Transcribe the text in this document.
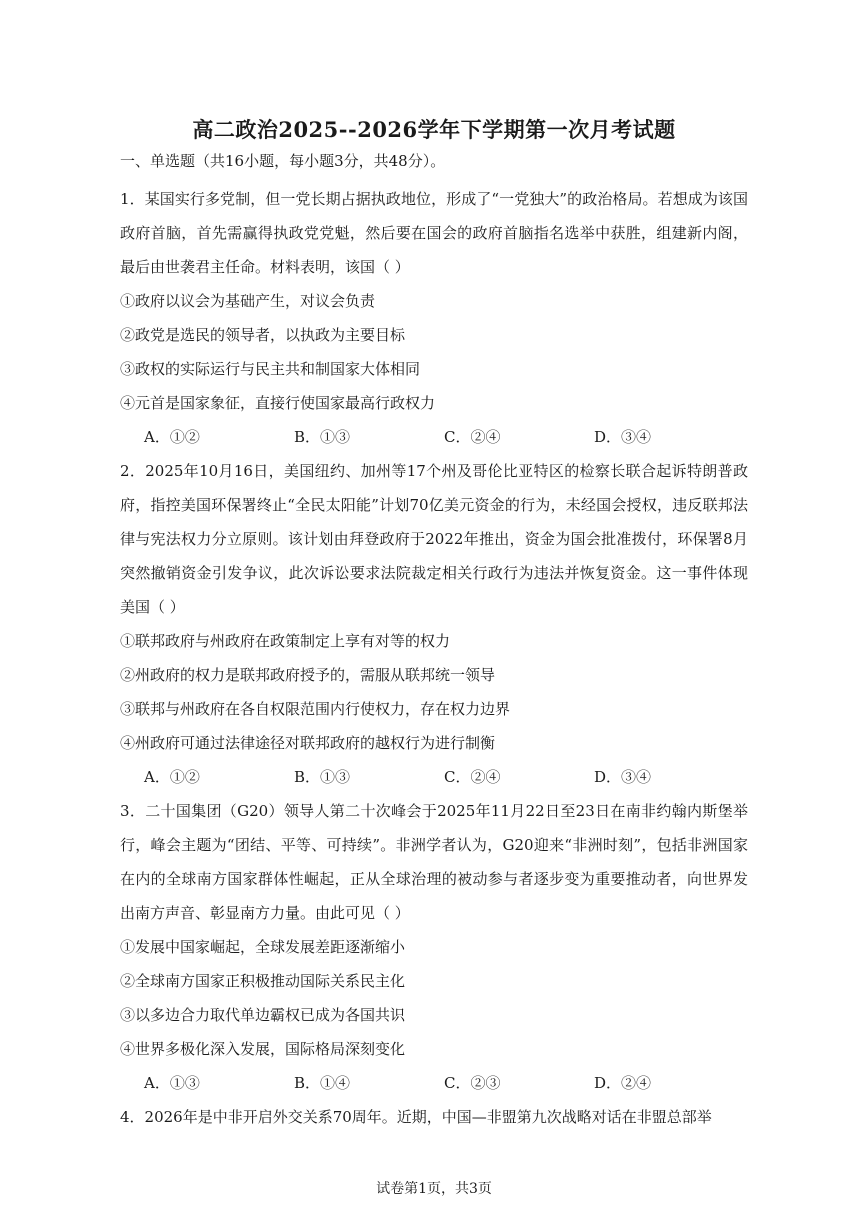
高二政治2025--2026学年下学期第一次月考试题
一、单选题（共16小题，每小题3分，共48分）。

1．某国实行多党制，但一党长期占据执政地位，形成了“一党独大”的政治格局。若想成为该国政府首脑，首先需赢得执政党党魁，然后要在国会的政府首脑指名选举中获胜，组建新内阁，最后由世袭君主任命。材料表明，该国（ ）

①政府以议会为基础产生，对议会负责
②政党是选民的领导者，以执政为主要目标
③政权的实际运行与民主共和制国家大体相同
④元首是国家象征，直接行使国家最高行政权力
A．①②	B．①③	C．②④	D．③④

2．2025年10月16日，美国纽约、加州等17个州及哥伦比亚特区的检察长联合起诉特朗普政府，指控美国环保署终止“全民太阳能”计划70亿美元资金的行为，未经国会授权，违反联邦法律与宪法权力分立原则。该计划由拜登政府于2022年推出，资金为国会批准拨付，环保署8月突然撤销资金引发争议，此次诉讼要求法院裁定相关行政行为违法并恢复资金。这一事件体现美国（ ）

①联邦政府与州政府在政策制定上享有对等的权力
②州政府的权力是联邦政府授予的，需服从联邦统一领导
③联邦与州政府在各自权限范围内行使权力，存在权力边界
④州政府可通过法律途径对联邦政府的越权行为进行制衡
A．①②	B．①③	C．②④	D．③④

3．二十国集团（G20）领导人第二十次峰会于2025年11月22日至23日在南非约翰内斯堡举行，峰会主题为“团结、平等、可持续”。非洲学者认为，G20迎来“非洲时刻”，包括非洲国家在内的全球南方国家群体性崛起，正从全球治理的被动参与者逐步变为重要推动者，向世界发出南方声音、彰显南方力量。由此可见（ ）

①发展中国家崛起，全球发展差距逐渐缩小
②全球南方国家正积极推动国际关系民主化
③以多边合力取代单边霸权已成为各国共识
④世界多极化深入发展，国际格局深刻变化
A．①③	B．①④	C．②③	D．②④

4．2026年是中非开启外交关系70周年。近期，中国—非盟第九次战略对话在非盟总部举

试卷第1页，共3页
